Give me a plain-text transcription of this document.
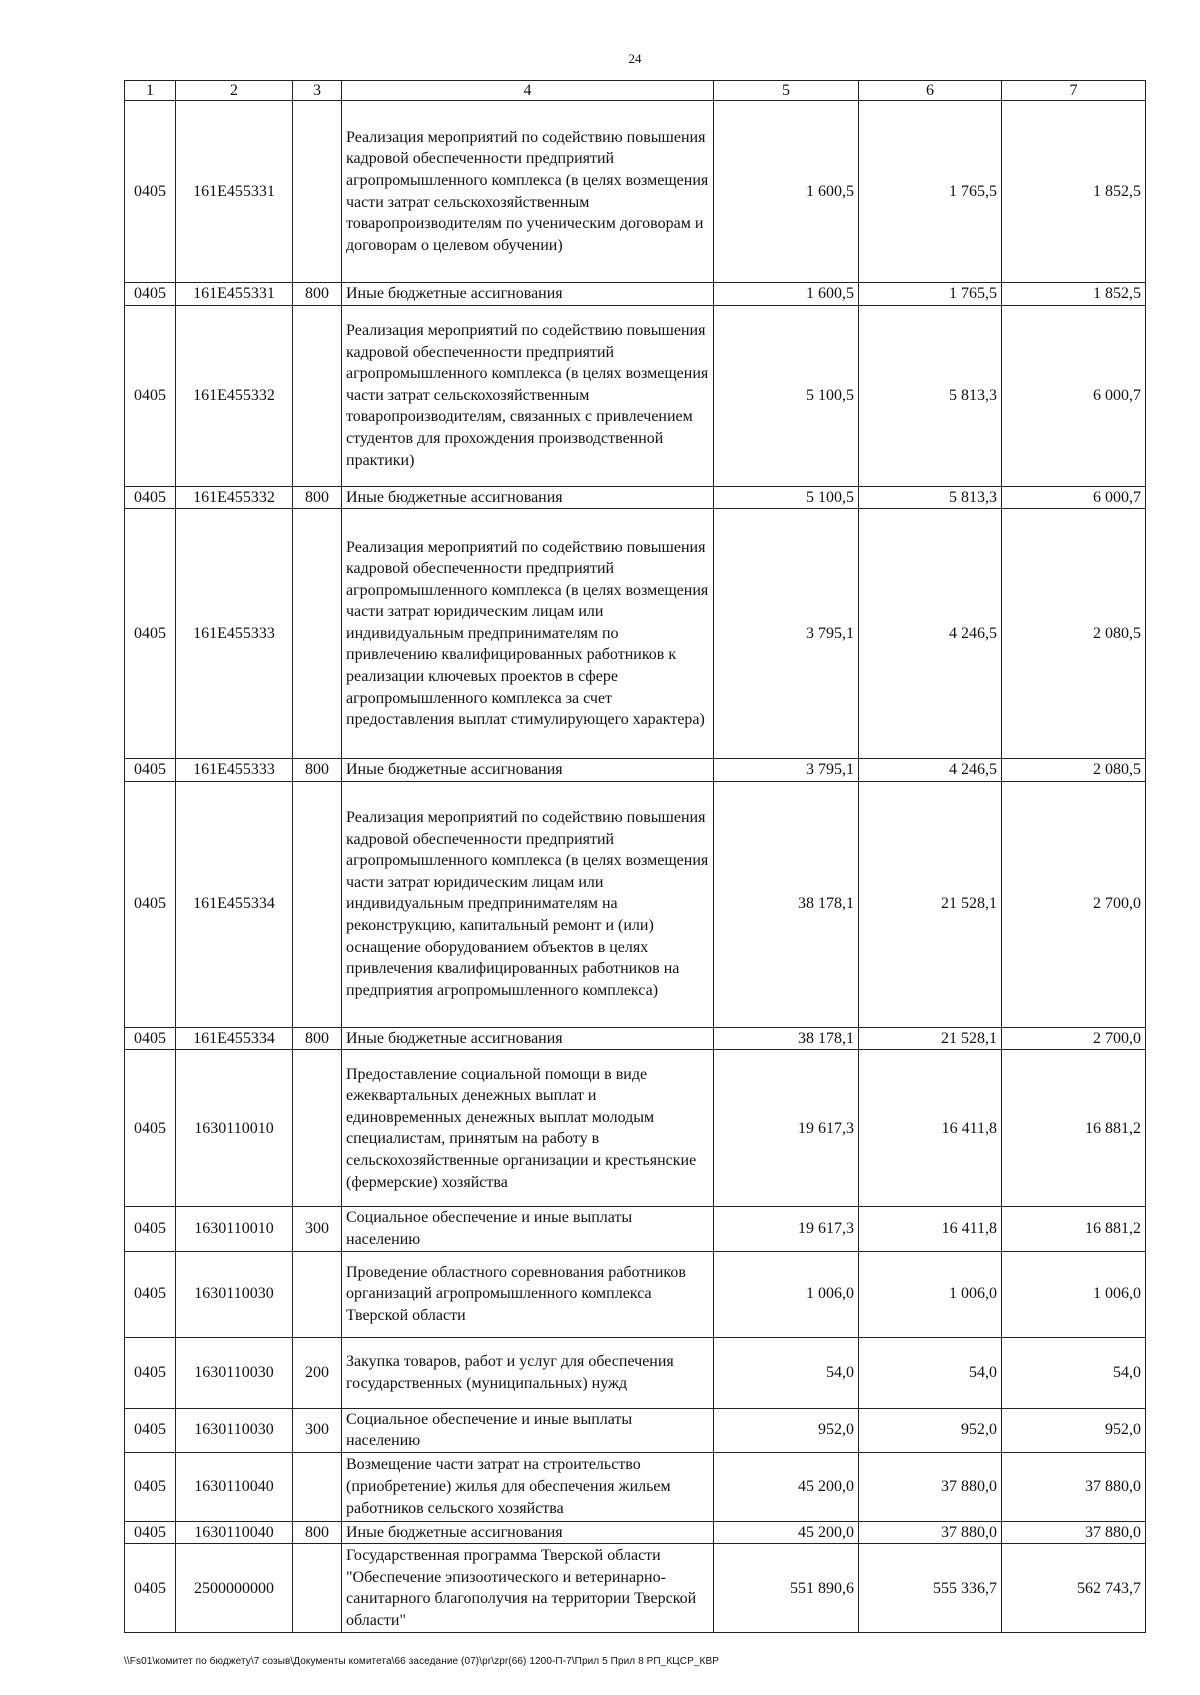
24
1	2	3	4	5	6	7
0405	161E455331		Реализация мероприятий по содействию повышения кадровой обеспеченности предприятий агропромышленного комплекса (в целях возмещения части затрат сельскохозяйственным товаропроизводителям по ученическим договорам и договорам о целевом обучении)	1 600,5	1 765,5	1 852,5
0405	161E455331	800	Иные бюджетные ассигнования	1 600,5	1 765,5	1 852,5
0405	161E455332		Реализация мероприятий по содействию повышения кадровой обеспеченности предприятий агропромышленного комплекса (в целях возмещения части затрат сельскохозяйственным товаропроизводителям, связанных с привлечением студентов для прохождения производственной практики)	5 100,5	5 813,3	6 000,7
0405	161E455332	800	Иные бюджетные ассигнования	5 100,5	5 813,3	6 000,7
0405	161E455333		Реализация мероприятий по содействию повышения кадровой обеспеченности предприятий агропромышленного комплекса (в целях возмещения части затрат юридическим лицам или индивидуальным предпринимателям по привлечению квалифицированных работников к реализации ключевых проектов в сфере агропромышленного комплекса за счет предоставления выплат стимулирующего характера)	3 795,1	4 246,5	2 080,5
0405	161E455333	800	Иные бюджетные ассигнования	3 795,1	4 246,5	2 080,5
0405	161E455334		Реализация мероприятий по содействию повышения кадровой обеспеченности предприятий агропромышленного комплекса (в целях возмещения части затрат юридическим лицам или индивидуальным предпринимателям на реконструкцию, капитальный ремонт и (или) оснащение оборудованием объектов в целях привлечения квалифицированных работников на предприятия агропромышленного комплекса)	38 178,1	21 528,1	2 700,0
0405	161E455334	800	Иные бюджетные ассигнования	38 178,1	21 528,1	2 700,0
0405	1630110010		Предоставление социальной помощи в виде ежеквартальных денежных выплат и единовременных денежных выплат молодым специалистам, принятым на работу в сельскохозяйственные организации и крестьянские (фермерские) хозяйства	19 617,3	16 411,8	16 881,2
0405	1630110010	300	Социальное обеспечение и иные выплаты населению	19 617,3	16 411,8	16 881,2
0405	1630110030		Проведение областного соревнования работников организаций агропромышленного комплекса Тверской области	1 006,0	1 006,0	1 006,0
0405	1630110030	200	Закупка товаров, работ и услуг для обеспечения государственных (муниципальных) нужд	54,0	54,0	54,0
0405	1630110030	300	Социальное обеспечение и иные выплаты населению	952,0	952,0	952,0
0405	1630110040		Возмещение части затрат на строительство (приобретение) жилья для обеспечения жильем работников сельского хозяйства	45 200,0	37 880,0	37 880,0
0405	1630110040	800	Иные бюджетные ассигнования	45 200,0	37 880,0	37 880,0
0405	2500000000		Государственная программа Тверской области "Обеспечение эпизоотического и ветеринарно-санитарного благополучия на территории Тверской области"	551 890,6	555 336,7	562 743,7
\\Fs01\комитет по бюджету\7 созыв\Документы комитета\66 заседание (07)\pr\zpr(66) 1200-П-7\Прил 5 Прил 8 РП_КЦСР_КВР
